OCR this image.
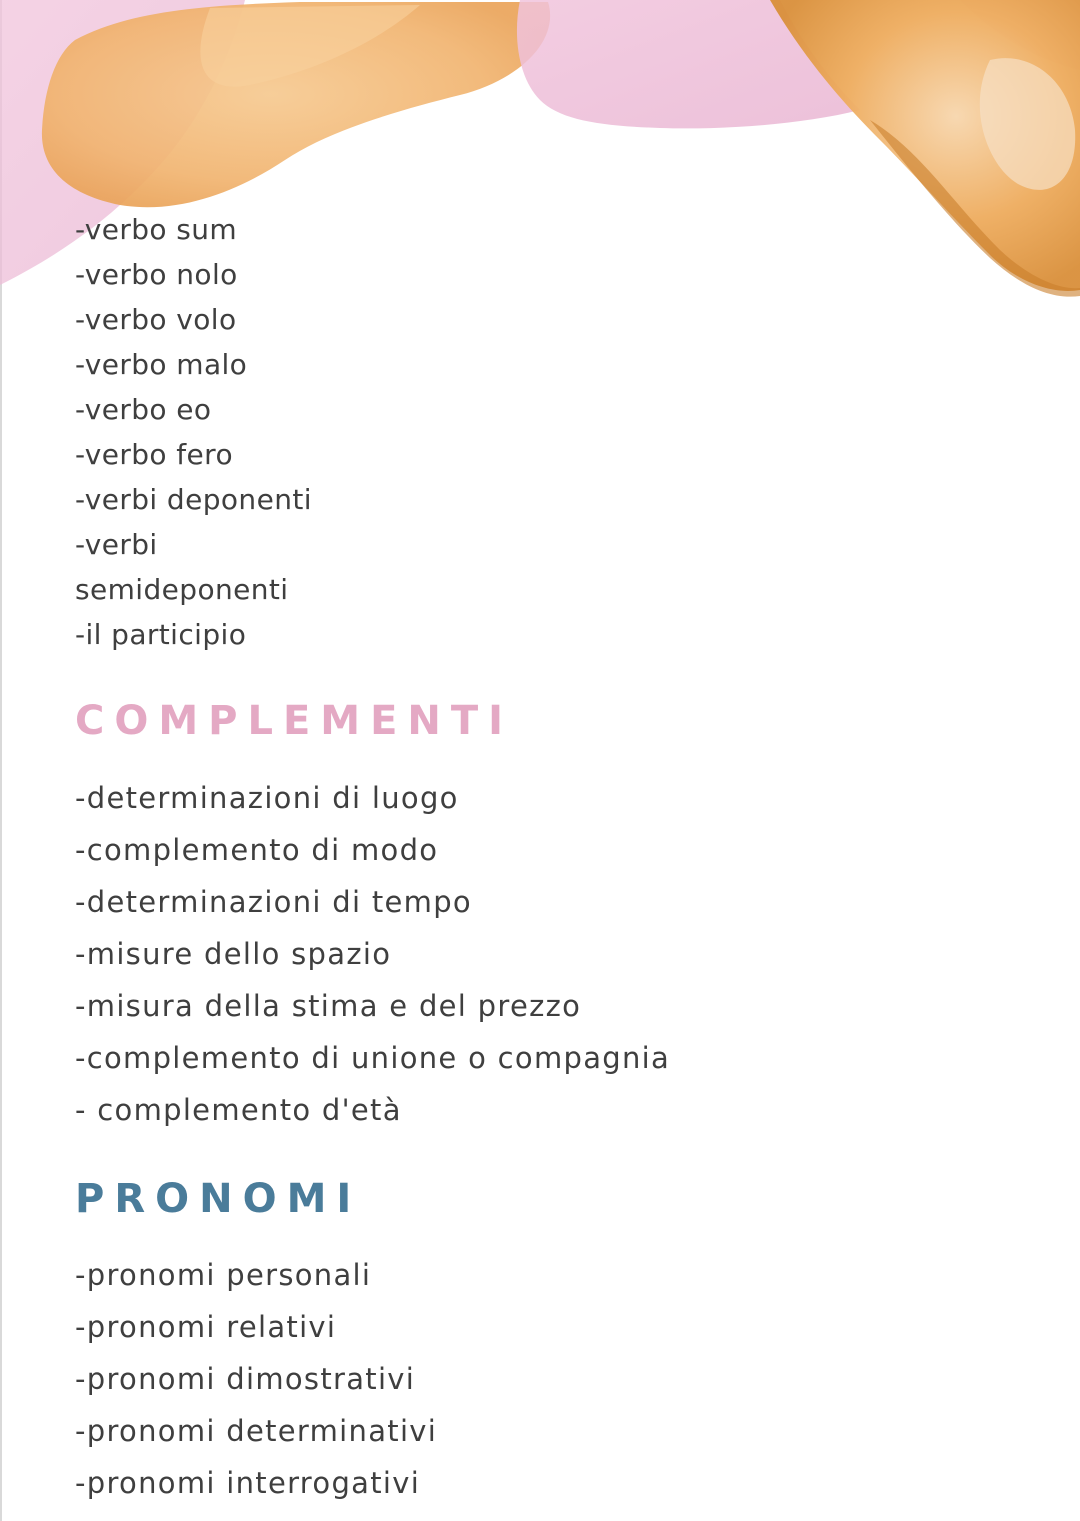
-verbo sum
-verbo nolo
-verbo volo
-verbo malo
-verbo eo
-verbo fero
-verbi deponenti
-verbi
semideponenti
-il participio
COMPLEMENTI
-determinazioni di luogo
-complemento di modo
-determinazioni di tempo
-misure dello spazio
-misura della stima e del prezzo
-complemento di unione o compagnia
- complemento d'età
PRONOMI
-pronomi personali
-pronomi relativi
-pronomi dimostrativi
-pronomi determinativi
-pronomi interrogativi
